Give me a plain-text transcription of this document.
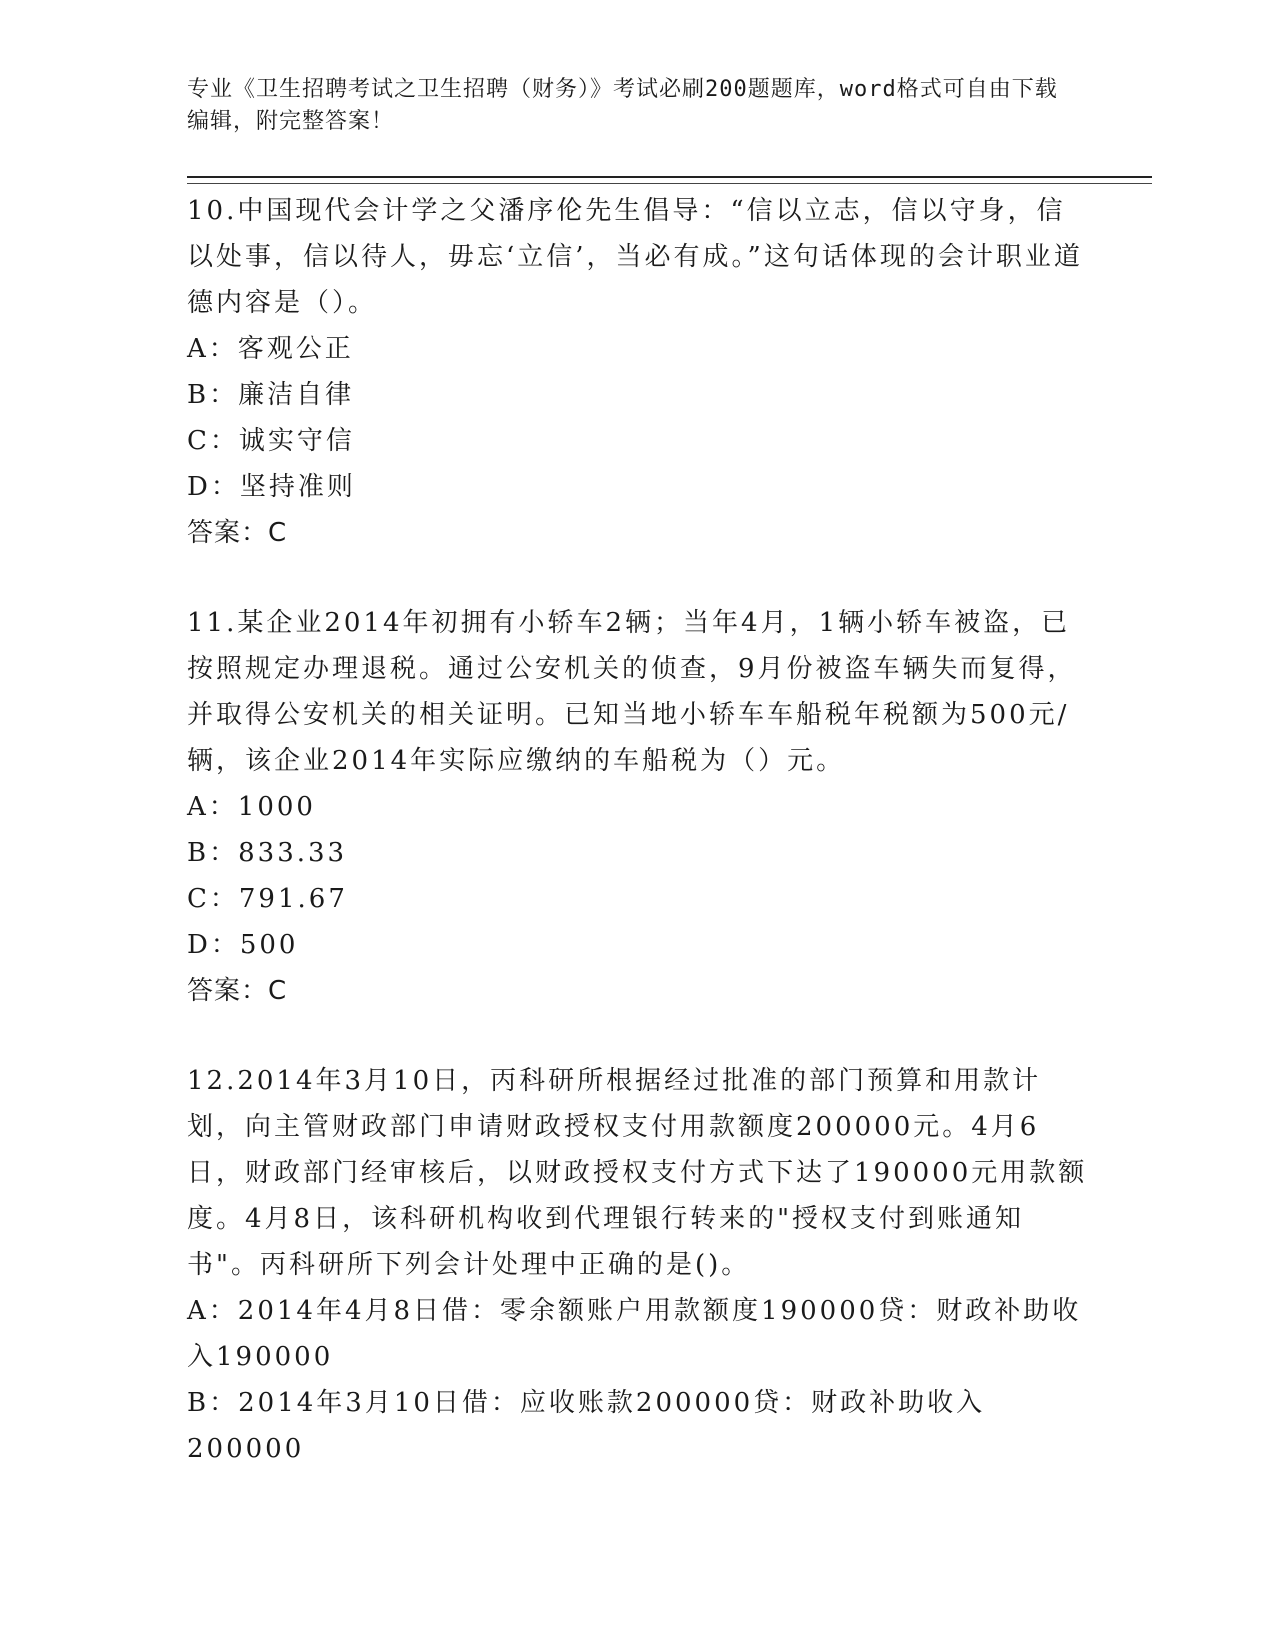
专业《卫生招聘考试之卫生招聘（财务）》考试必刷200题题库，word格式可自由下载编辑，附完整答案！
10.中国现代会计学之父潘序伦先生倡导：“信以立志，信以守身，信以处事，信以待人，毋忘‘立信’，当必有成。”这句话体现的会计职业道德内容是（）。
A：客观公正
B：廉洁自律
C：诚实守信
D：坚持准则
答案：C
11.某企业2014年初拥有小轿车2辆；当年4月，1辆小轿车被盗，已按照规定办理退税。通过公安机关的侦查，9月份被盗车辆失而复得，并取得公安机关的相关证明。已知当地小轿车车船税年税额为500元/辆，该企业2014年实际应缴纳的车船税为（）元。
A：1000
B：833.33
C：791.67
D：500
答案：C
12.2014年3月10日，丙科研所根据经过批准的部门预算和用款计划，向主管财政部门申请财政授权支付用款额度200000元。4月6日，财政部门经审核后，以财政授权支付方式下达了190000元用款额度。4月8日，该科研机构收到代理银行转来的"授权支付到账通知书"。丙科研所下列会计处理中正确的是()。
A：2014年4月8日借：零余额账户用款额度190000贷：财政补助收入190000
B：2014年3月10日借：应收账款200000贷：财政补助收入200000
